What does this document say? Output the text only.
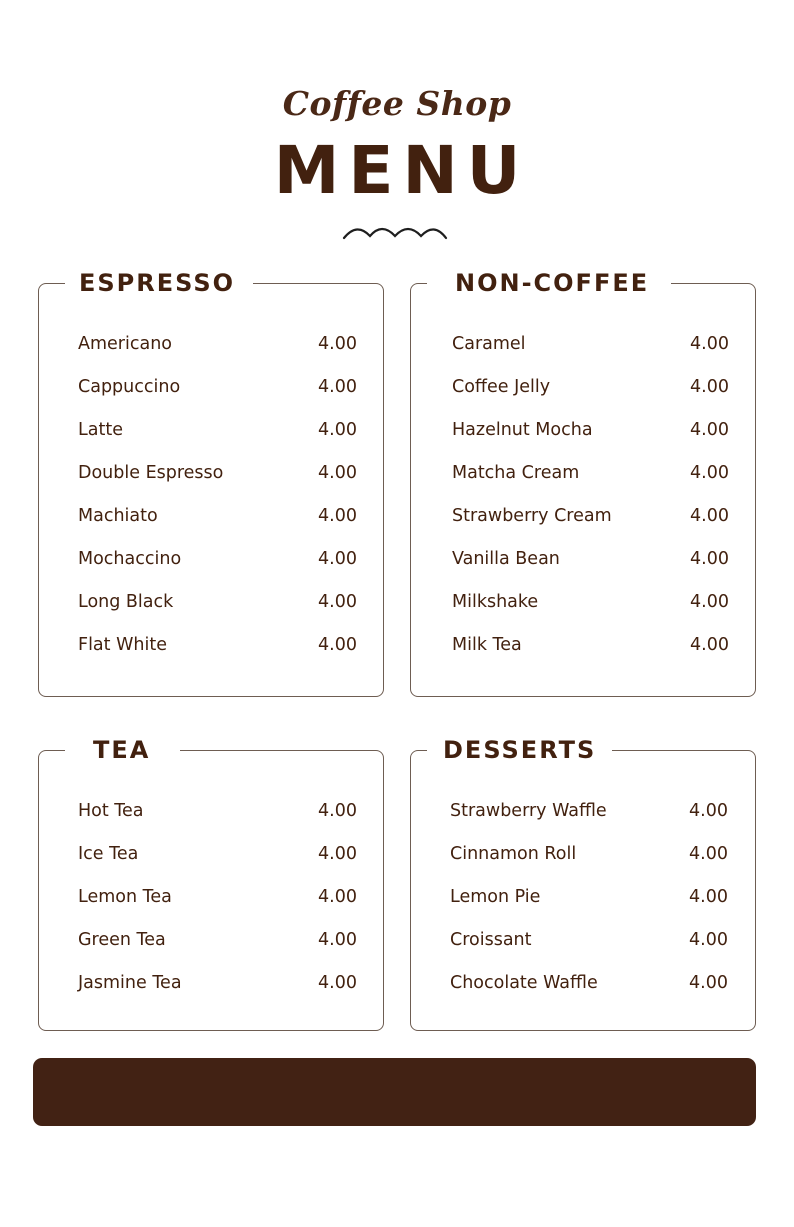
Coffee Shop
MENU
ESPRESSO
Americano	4.00
Cappuccino	4.00
Latte	4.00
Double Espresso	4.00
Machiato	4.00
Mochaccino	4.00
Long Black	4.00
Flat White	4.00
NON-COFFEE
Caramel	4.00
Coffee Jelly	4.00
Hazelnut Mocha	4.00
Matcha Cream	4.00
Strawberry Cream	4.00
Vanilla Bean	4.00
Milkshake	4.00
Milk Tea	4.00
TEA
Hot Tea	4.00
Ice Tea	4.00
Lemon Tea	4.00
Green Tea	4.00
Jasmine Tea	4.00
DESSERTS
Strawberry Waffle	4.00
Cinnamon Roll	4.00
Lemon Pie	4.00
Croissant	4.00
Chocolate Waffle	4.00
